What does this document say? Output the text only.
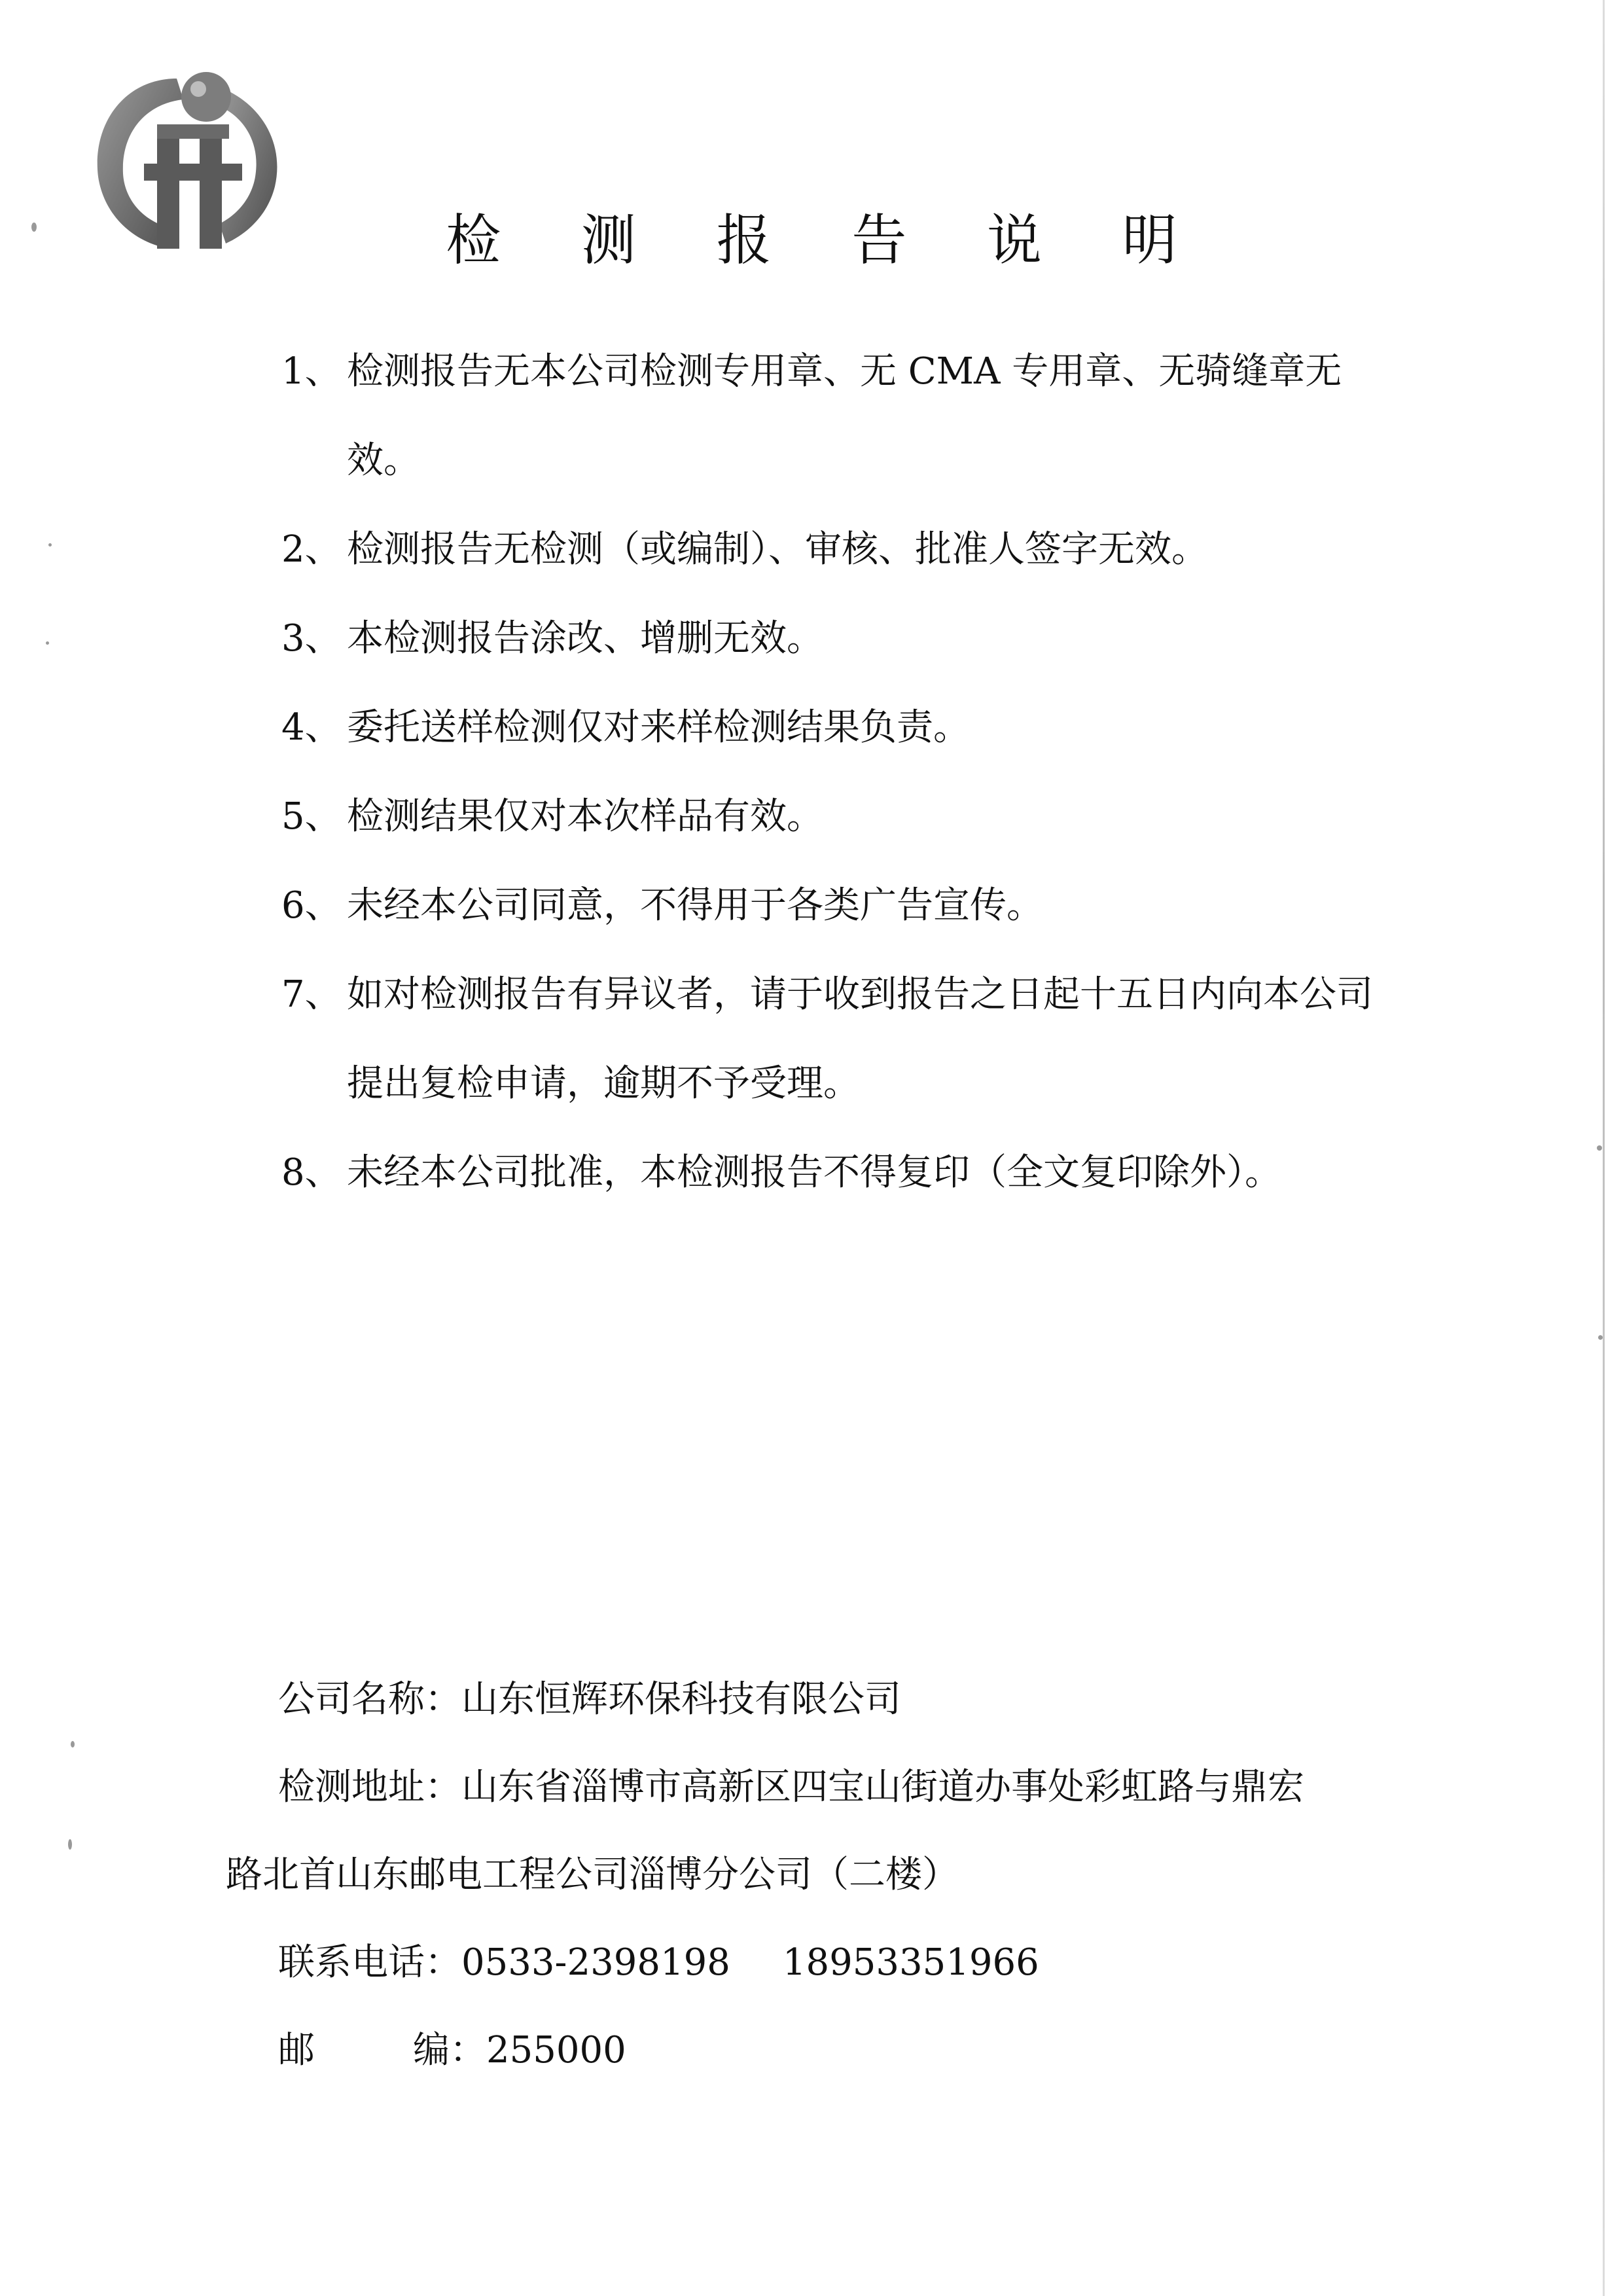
检 测 报 告 说 明
1、 检测报告无本公司检测专用章、无 CMA 专用章、无骑缝章无效。
2、 检测报告无检测（或编制）、审核、批准人签字无效。
3、 本检测报告涂改、增删无效。
4、 委托送样检测仅对来样检测结果负责。
5、 检测结果仅对本次样品有效。
6、 未经本公司同意，不得用于各类广告宣传。
7、 如对检测报告有异议者，请于收到报告之日起十五日内向本公司提出复检申请，逾期不予受理。
8、 未经本公司批准，本检测报告不得复印（全文复印除外）。
公司名称：山东恒辉环保科技有限公司
检测地址：山东省淄博市高新区四宝山街道办事处彩虹路与鼎宏
路北首山东邮电工程公司淄博分公司（二楼）
联系电话：0533-2398198 18953351966
邮编：255000
